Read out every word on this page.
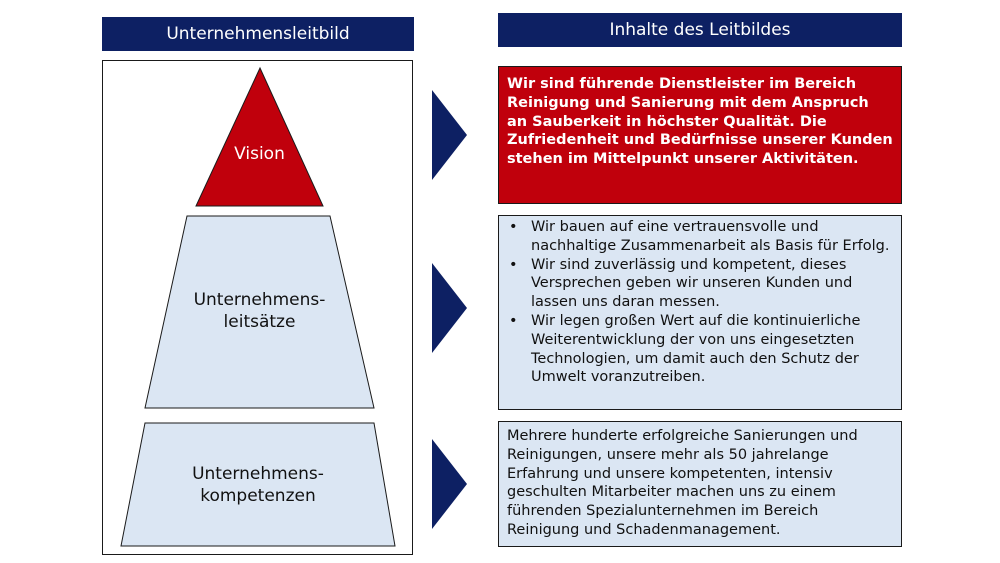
Unternehmensleitbild	Inhalte des Leitbildes
Vision
Unternehmens-
leitsätze
Unternehmens-
kompetenzen
Wir sind führende Dienstleister im Bereich Reinigung und Sanierung mit dem Anspruch an Sauberkeit in höchster Qualität. Die Zufriedenheit und Bedürfnisse unserer Kunden stehen im Mittelpunkt unserer Aktivitäten.
• Wir bauen auf eine vertrauensvolle und nachhaltige Zusammenarbeit als Basis für Erfolg.
• Wir sind zuverlässig und kompetent, dieses Versprechen geben wir unseren Kunden und lassen uns daran messen.
• Wir legen großen Wert auf die kontinuierliche Weiterentwicklung der von uns eingesetzten Technologien, um damit auch den Schutz der Umwelt voranzutreiben.
Mehrere hunderte erfolgreiche Sanierungen und Reinigungen, unsere mehr als 50 jahrelange Erfahrung und unsere kompetenten, intensiv geschulten Mitarbeiter machen uns zu einem führenden Spezialunternehmen im Bereich Reinigung und Schadenmanagement.
